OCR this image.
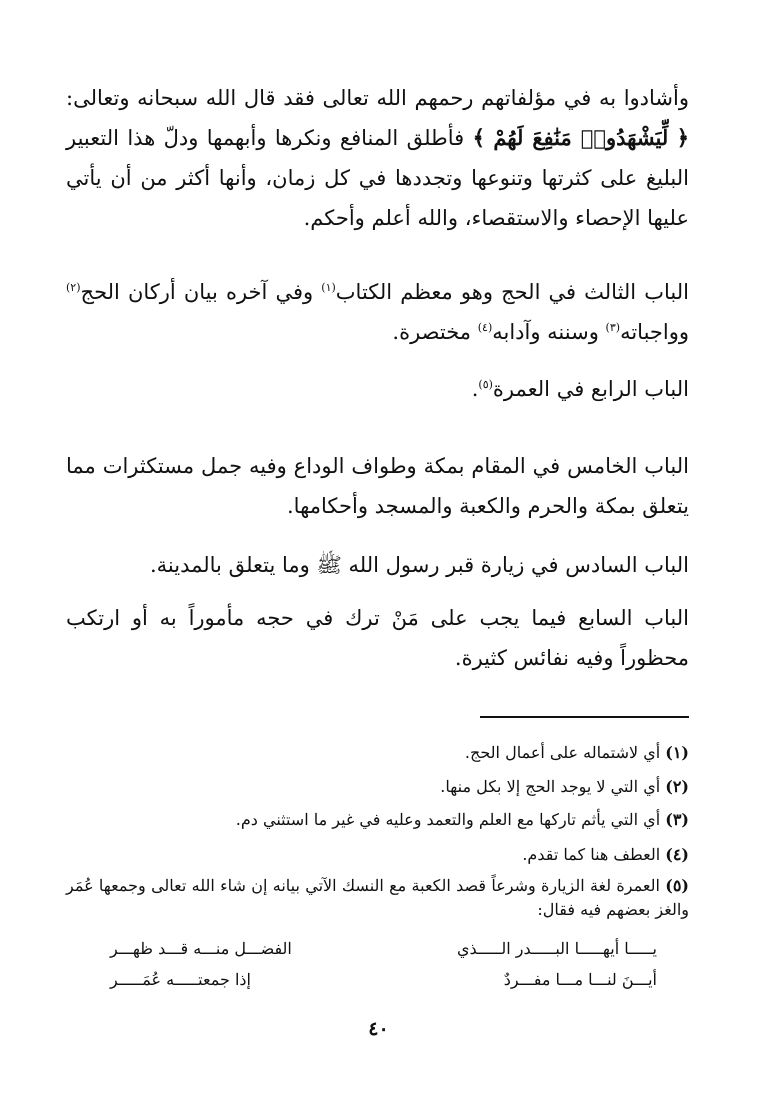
وأشادوا به في مؤلفاتهم رحمهم الله تعالى فقد قال الله سبحانه وتعالى: ﴿ لِّيَشْهَدُوا۟ مَنَٰفِعَ لَهُمْ ﴾ فأطلق المنافع ونكرها وأبهمها ودلّ هذا التعبير البليغ على كثرتها وتنوعها وتجددها في كل زمان، وأنها أكثر من أن يأتي عليها الإحصاء والاستقصاء، والله أعلم وأحكم.

الباب الثالث في الحج وهو معظم الكتاب$^{(١)}$ وفي آخره بيان أركان الحج$^{(٢)}$ وواجباته$^{(٣)}$ وسننه وآدابه$^{(٤)}$ مختصرة.

الباب الرابع في العمرة$^{(٥)}$.

الباب الخامس في المقام بمكة وطواف الوداع وفيه جمل مستكثرات مما يتعلق بمكة والحرم والكعبة والمسجد وأحكامها.

الباب السادس في زيارة قبر رسول الله ﷺ وما يتعلق بالمدينة.

الباب السابع فيما يجب على مَنْ ترك في حجه مأموراً به أو ارتكب محظوراً وفيه نفائس كثيرة.

(١) أي لاشتماله على أعمال الحج.

(٢) أي التي لا يوجد الحج إلا بكل منها.

(٣) أي التي يأثم تاركها مع العلم والتعمد وعليه في غير ما استثني دم.

(٤) العطف هنا كما تقدم.

(٥) العمرة لغة الزيارة وشرعاً قصد الكعبة مع النسك الآتي بيانه إن شاء الله تعالى وجمعها عُمَر والغز بعضهم فيه فقال:

يـــــا أيهـــــا البـــــدر الـــــذي
الفضـــل منـــه قـــد ظهـــر
أيـــنَ لنـــا مـــا مفـــردٌ
إذا جمعتـــــه عُمَـــــر
٤٠
